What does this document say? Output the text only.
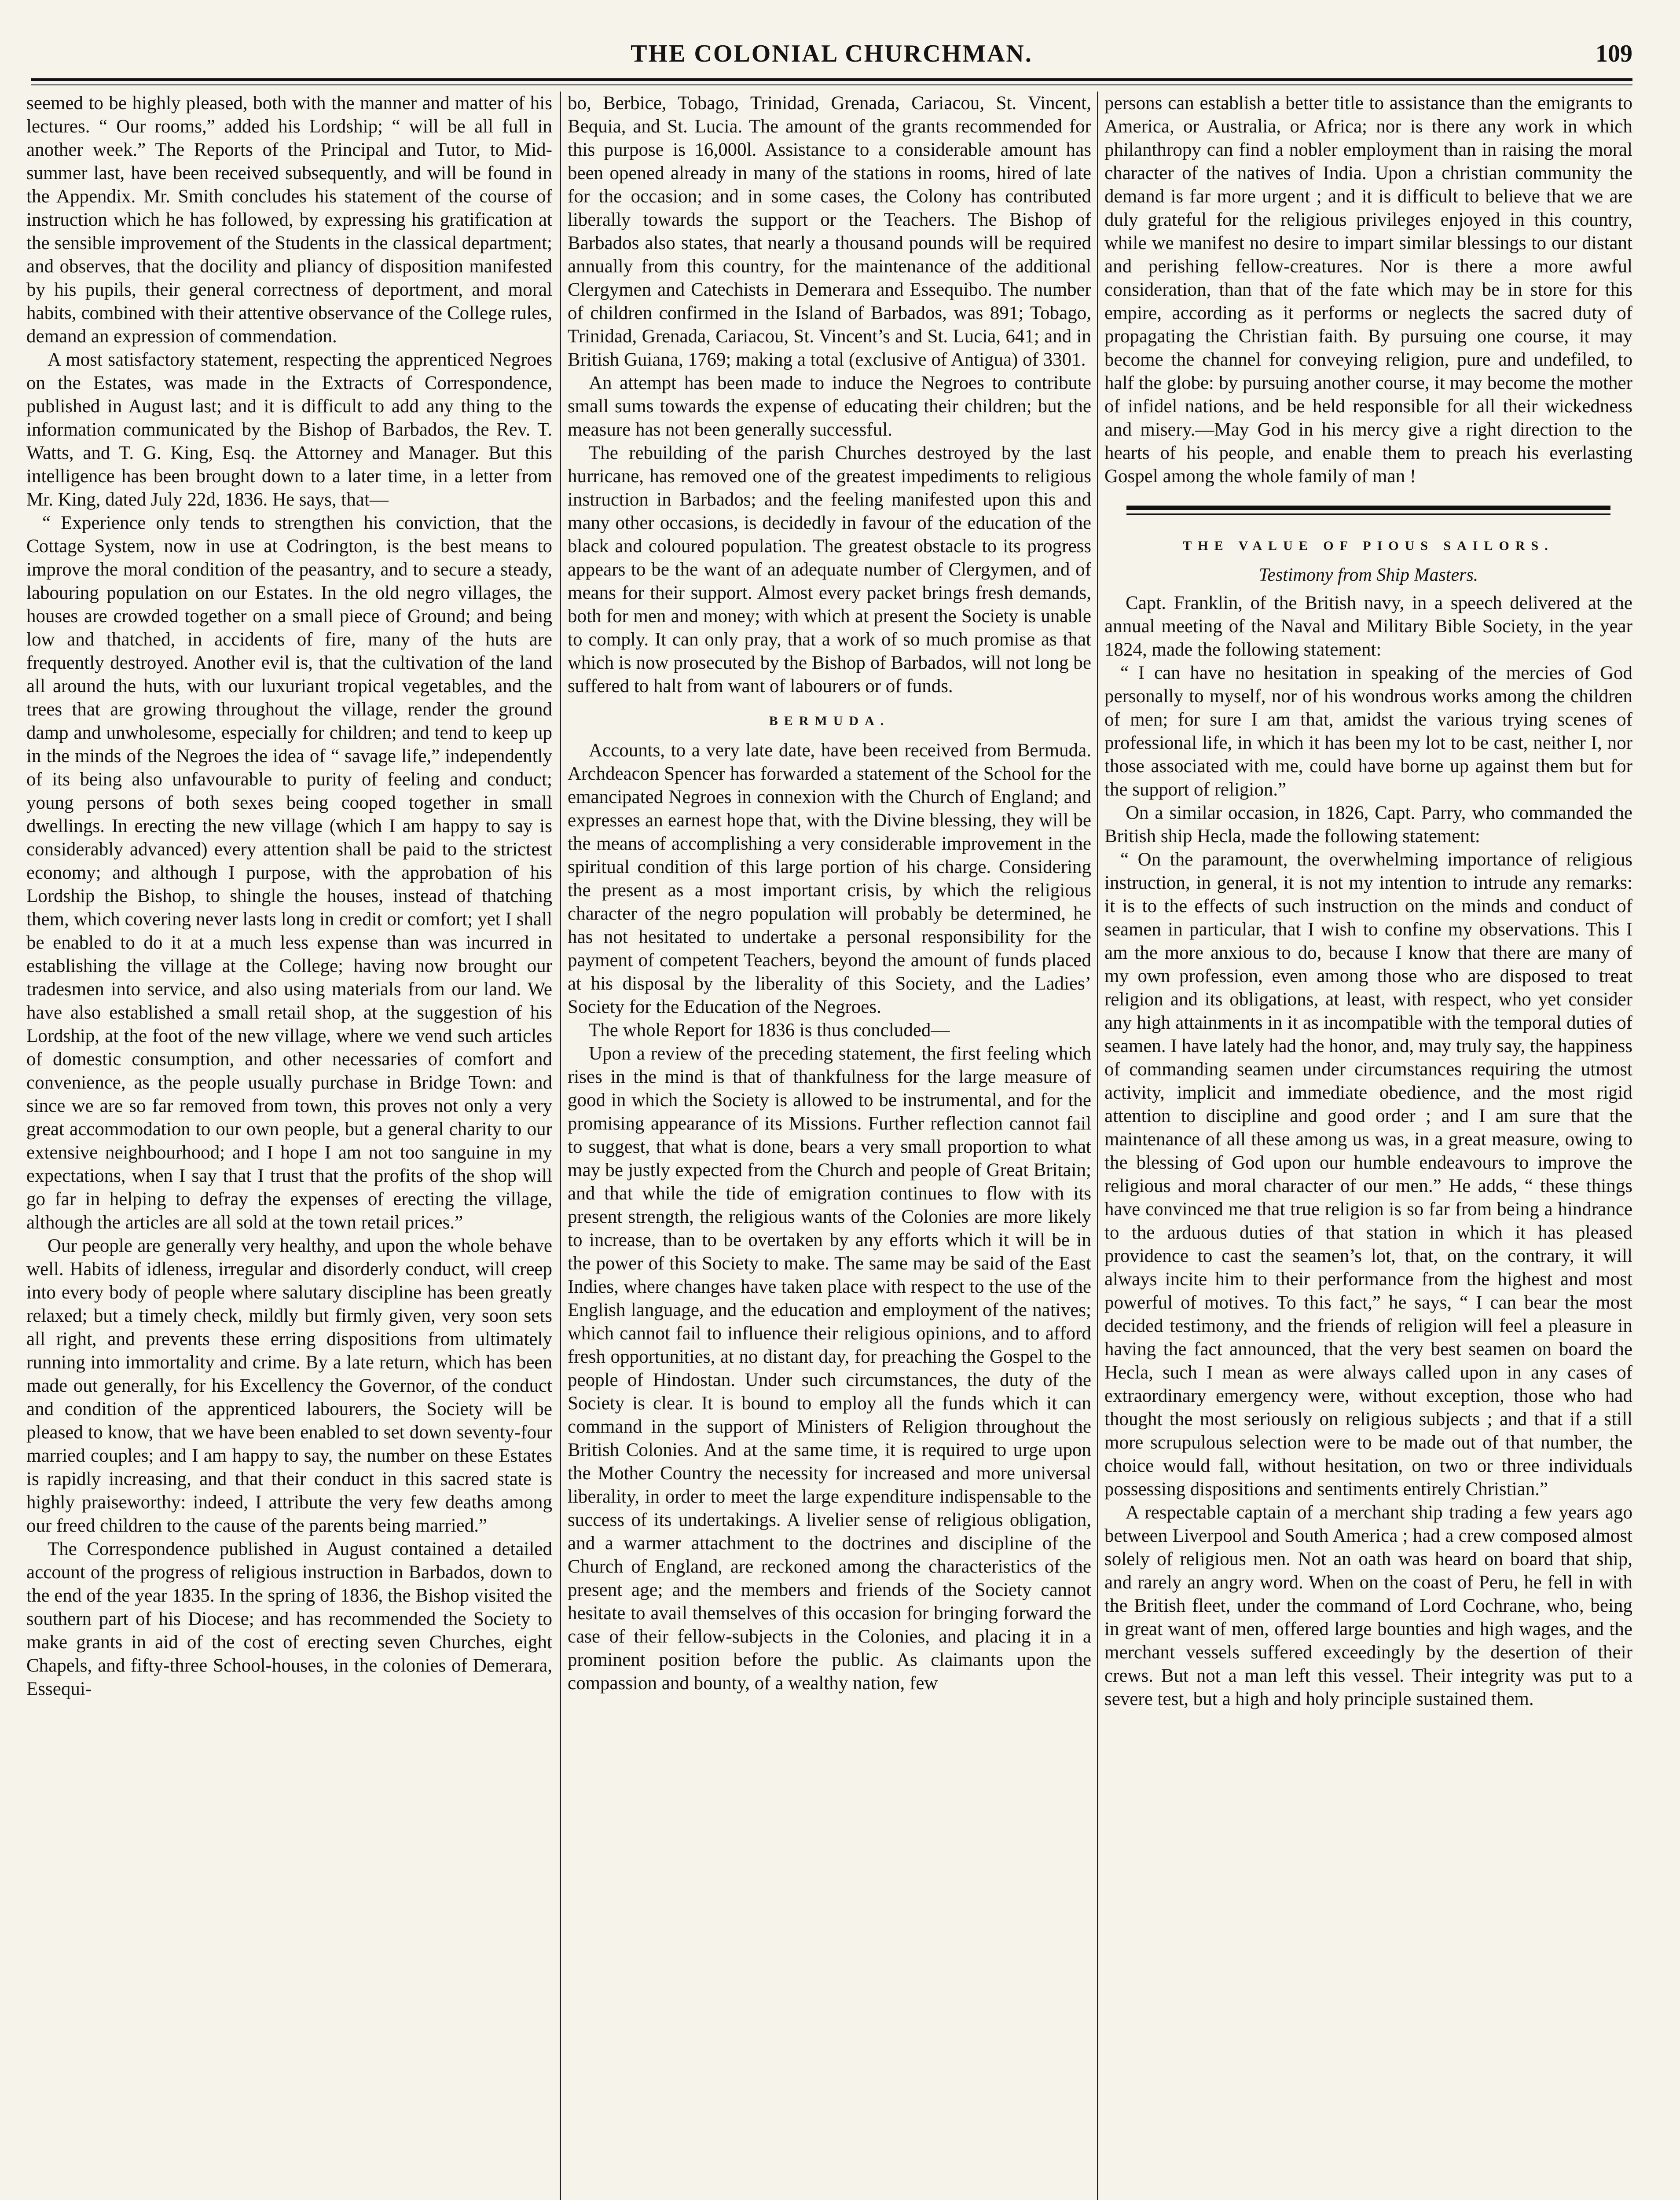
THE COLONIAL CHURCHMAN.	109

seemed to be highly pleased, both with the manner and matter of his lectures. “ Our rooms,” added his Lordship; “ will be all full in another week.” The Reports of the Principal and Tutor, to Mid-summer last, have been received subsequently, and will be found in the Appendix. Mr. Smith concludes his statement of the course of instruction which he has followed, by expressing his gratification at the sensible improvement of the Students in the classical department; and observes, that the docility and pliancy of disposition manifested by his pupils, their general correctness of deportment, and moral habits, combined with their attentive observance of the College rules, demand an expression of commendation.

A most satisfactory statement, respecting the apprenticed Negroes on the Estates, was made in the Extracts of Correspondence, published in August last; and it is difficult to add any thing to the information communicated by the Bishop of Barbados, the Rev. T. Watts, and T. G. King, Esq. the Attorney and Manager. But this intelligence has been brought down to a later time, in a letter from Mr. King, dated July 22d, 1836. He says, that—

“ Experience only tends to strengthen his conviction, that the Cottage System, now in use at Codrington, is the best means to improve the moral condition of the peasantry, and to secure a steady, labouring population on our Estates. In the old negro villages, the houses are crowded together on a small piece of Ground; and being low and thatched, in accidents of fire, many of the huts are frequently destroyed. Another evil is, that the cultivation of the land all around the huts, with our luxuriant tropical vegetables, and the trees that are growing throughout the village, render the ground damp and unwholesome, especially for children; and tend to keep up in the minds of the Negroes the idea of “ savage life,” independently of its being also unfavourable to purity of feeling and conduct; young persons of both sexes being cooped together in small dwellings. In erecting the new village (which I am happy to say is considerably advanced) every attention shall be paid to the strictest economy; and although I purpose, with the approbation of his Lordship the Bishop, to shingle the houses, instead of thatching them, which covering never lasts long in credit or comfort; yet I shall be enabled to do it at a much less expense than was incurred in establishing the village at the College; having now brought our tradesmen into service, and also using materials from our land. We have also established a small retail shop, at the suggestion of his Lordship, at the foot of the new village, where we vend such articles of domestic consumption, and other necessaries of comfort and convenience, as the people usually purchase in Bridge Town: and since we are so far removed from town, this proves not only a very great accommodation to our own people, but a general charity to our extensive neighbourhood; and I hope I am not too sanguine in my expectations, when I say that I trust that the profits of the shop will go far in helping to defray the expenses of erecting the village, although the articles are all sold at the town retail prices.”

Our people are generally very healthy, and upon the whole behave well. Habits of idleness, irregular and disorderly conduct, will creep into every body of people where salutary discipline has been greatly relaxed; but a timely check, mildly but firmly given, very soon sets all right, and prevents these erring dispositions from ultimately running into immortality and crime. By a late return, which has been made out generally, for his Excellency the Governor, of the conduct and condition of the apprenticed labourers, the Society will be pleased to know, that we have been enabled to set down seventy-four married couples; and I am happy to say, the number on these Estates is rapidly increasing, and that their conduct in this sacred state is highly praiseworthy: indeed, I attribute the very few deaths among our freed children to the cause of the parents being married.”

The Correspondence published in August contained a detailed account of the progress of religious instruction in Barbados, down to the end of the year 1835. In the spring of 1836, the Bishop visited the southern part of his Diocese; and has recommended the Society to make grants in aid of the cost of erecting seven Churches, eight Chapels, and fifty-three School-houses, in the colonies of Demerara, Essequi-

bo, Berbice, Tobago, Trinidad, Grenada, Cariacou, St. Vincent, Bequia, and St. Lucia. The amount of the grants recommended for this purpose is 16,000l. Assistance to a considerable amount has been opened already in many of the stations in rooms, hired of late for the occasion; and in some cases, the Colony has contributed liberally towards the support or the Teachers. The Bishop of Barbados also states, that nearly a thousand pounds will be required annually from this country, for the maintenance of the additional Clergymen and Catechists in Demerara and Essequibo. The number of children confirmed in the Island of Barbados, was 891; Tobago, Trinidad, Grenada, Cariacou, St. Vincent’s and St. Lucia, 641; and in British Guiana, 1769; making a total (exclusive of Antigua) of 3301.

An attempt has been made to induce the Negroes to contribute small sums towards the expense of educating their children; but the measure has not been generally successful.

The rebuilding of the parish Churches destroyed by the last hurricane, has removed one of the greatest impediments to religious instruction in Barbados; and the feeling manifested upon this and many other occasions, is decidedly in favour of the education of the black and coloured population. The greatest obstacle to its progress appears to be the want of an adequate number of Clergymen, and of means for their support. Almost every packet brings fresh demands, both for men and money; with which at present the Society is unable to comply. It can only pray, that a work of so much promise as that which is now prosecuted by the Bishop of Barbados, will not long be suffered to halt from want of labourers or of funds.

BERMUDA.

Accounts, to a very late date, have been received from Bermuda. Archdeacon Spencer has forwarded a statement of the School for the emancipated Negroes in connexion with the Church of England; and expresses an earnest hope that, with the Divine blessing, they will be the means of accomplishing a very considerable improvement in the spiritual condition of this large portion of his charge. Considering the present as a most important crisis, by which the religious character of the negro population will probably be determined, he has not hesitated to undertake a personal responsibility for the payment of competent Teachers, beyond the amount of funds placed at his disposal by the liberality of this Society, and the Ladies’ Society for the Education of the Negroes.

The whole Report for 1836 is thus concluded—

Upon a review of the preceding statement, the first feeling which rises in the mind is that of thankfulness for the large measure of good in which the Society is allowed to be instrumental, and for the promising appearance of its Missions. Further reflection cannot fail to suggest, that what is done, bears a very small proportion to what may be justly expected from the Church and people of Great Britain; and that while the tide of emigration continues to flow with its present strength, the religious wants of the Colonies are more likely to increase, than to be overtaken by any efforts which it will be in the power of this Society to make. The same may be said of the East Indies, where changes have taken place with respect to the use of the English language, and the education and employment of the natives; which cannot fail to influence their religious opinions, and to afford fresh opportunities, at no distant day, for preaching the Gospel to the people of Hindostan. Under such circumstances, the duty of the Society is clear. It is bound to employ all the funds which it can command in the support of Ministers of Religion throughout the British Colonies. And at the same time, it is required to urge upon the Mother Country the necessity for increased and more universal liberality, in order to meet the large expenditure indispensable to the success of its undertakings. A livelier sense of religious obligation, and a warmer attachment to the doctrines and discipline of the Church of England, are reckoned among the characteristics of the present age; and the members and friends of the Society cannot hesitate to avail themselves of this occasion for bringing forward the case of their fellow-subjects in the Colonies, and placing it in a prominent position before the public. As claimants upon the compassion and bounty, of a wealthy nation, few

persons can establish a better title to assistance than the emigrants to America, or Australia, or Africa; nor is there any work in which philanthropy can find a nobler employment than in raising the moral character of the natives of India. Upon a christian community the demand is far more urgent ; and it is difficult to believe that we are duly grateful for the religious privileges enjoyed in this country, while we manifest no desire to impart similar blessings to our distant and perishing fellow-creatures. Nor is there a more awful consideration, than that of the fate which may be in store for this empire, according as it performs or neglects the sacred duty of propagating the Christian faith. By pursuing one course, it may become the channel for conveying religion, pure and undefiled, to half the globe: by pursuing another course, it may become the mother of infidel nations, and be held responsible for all their wickedness and misery.—May God in his mercy give a right direction to the hearts of his people, and enable them to preach his everlasting Gospel among the whole family of man !

THE VALUE OF PIOUS SAILORS.
Testimony from Ship Masters.

Capt. Franklin, of the British navy, in a speech delivered at the annual meeting of the Naval and Military Bible Society, in the year 1824, made the following statement:

“ I can have no hesitation in speaking of the mercies of God personally to myself, nor of his wondrous works among the children of men; for sure I am that, amidst the various trying scenes of professional life, in which it has been my lot to be cast, neither I, nor those associated with me, could have borne up against them but for the support of religion.”

On a similar occasion, in 1826, Capt. Parry, who commanded the British ship Hecla, made the following statement:

“ On the paramount, the overwhelming importance of religious instruction, in general, it is not my intention to intrude any remarks: it is to the effects of such instruction on the minds and conduct of seamen in particular, that I wish to confine my observations. This I am the more anxious to do, because I know that there are many of my own profession, even among those who are disposed to treat religion and its obligations, at least, with respect, who yet consider any high attainments in it as incompatible with the temporal duties of seamen. I have lately had the honor, and, may truly say, the happiness of commanding seamen under circumstances requiring the utmost activity, implicit and immediate obedience, and the most rigid attention to discipline and good order ; and I am sure that the maintenance of all these among us was, in a great measure, owing to the blessing of God upon our humble endeavours to improve the religious and moral character of our men.” He adds, “ these things have convinced me that true religion is so far from being a hindrance to the arduous duties of that station in which it has pleased providence to cast the seamen’s lot, that, on the contrary, it will always incite him to their performance from the highest and most powerful of motives. To this fact,” he says, “ I can bear the most decided testimony, and the friends of religion will feel a pleasure in having the fact announced, that the very best seamen on board the Hecla, such I mean as were always called upon in any cases of extraordinary emergency were, without exception, those who had thought the most seriously on religious subjects ; and that if a still more scrupulous selection were to be made out of that number, the choice would fall, without hesitation, on two or three individuals possessing dispositions and sentiments entirely Christian.”

A respectable captain of a merchant ship trading a few years ago between Liverpool and South America ; had a crew composed almost solely of religious men. Not an oath was heard on board that ship, and rarely an angry word. When on the coast of Peru, he fell in with the British fleet, under the command of Lord Cochrane, who, being in great want of men, offered large bounties and high wages, and the merchant vessels suffered exceedingly by the desertion of their crews. But not a man left this vessel. Their integrity was put to a severe test, but a high and holy principle sustained them.
